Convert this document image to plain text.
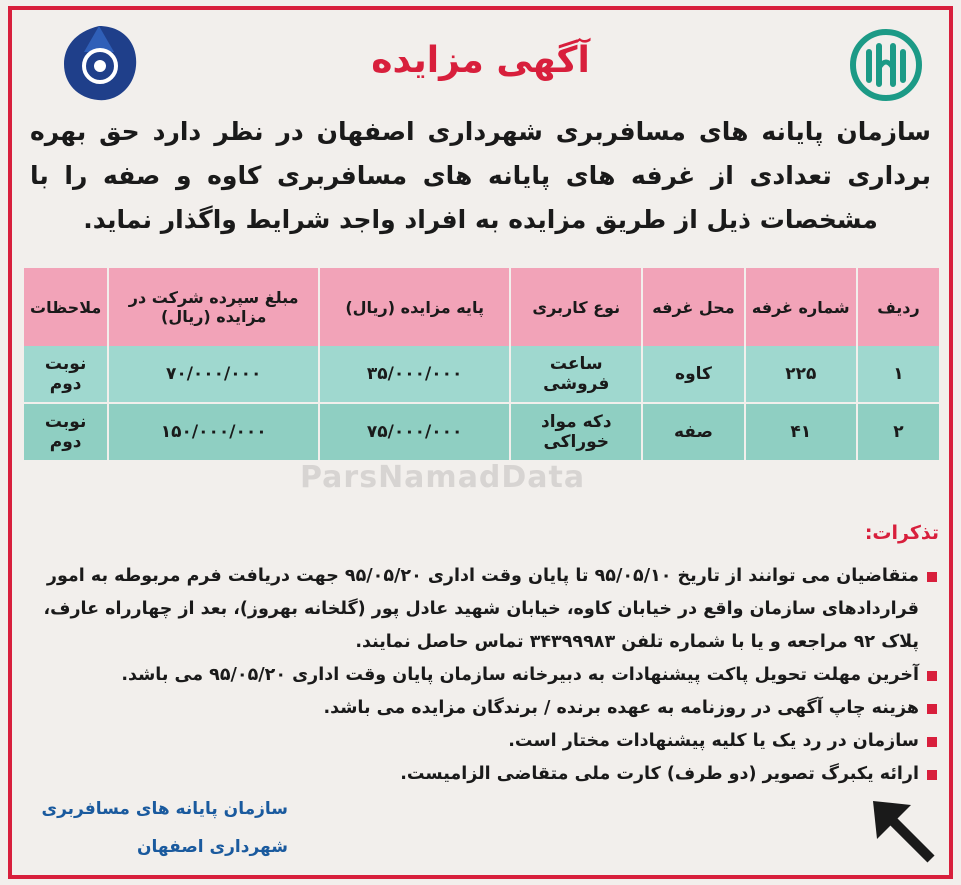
آگهی مزایده
سازمان پایانه های مسافربری شهرداری اصفهان در نظر دارد حق بهره برداری تعدادی از غرفه های پایانه های مسافربری کاوه و صفه را با مشخصات ذیل از طریق مزایده به افراد واجد شرایط واگذار نماید.
ردیف	شماره غرفه	محل غرفه	نوع کاربری	پایه مزایده (ریال)	مبلغ سپرده شرکت در مزایده (ریال)	ملاحظات
۱	۲۲۵	کاوه	ساعت فروشی	۳۵/۰۰۰/۰۰۰	۷۰/۰۰۰/۰۰۰	نوبت دوم
۲	۴۱	صفه	دکه مواد خوراکی	۷۵/۰۰۰/۰۰۰	۱۵۰/۰۰۰/۰۰۰	نوبت دوم
ParsNamadData
تذکرات:
متقاضیان می توانند از تاریخ ۹۵/۰۵/۱۰ تا پایان وقت اداری ۹۵/۰۵/۲۰ جهت دریافت فرم مربوطه به امور قراردادهای سازمان واقع در خیابان کاوه، خیابان شهید عادل پور (گلخانه بهروز)، بعد از چهارراه عارف، پلاک ۹۲ مراجعه و یا با شماره تلفن ۳۴۳۹۹۹۸۳ تماس حاصل نمایند.
آخرین مهلت تحویل پاکت پیشنهادات به دبیرخانه سازمان پایان وقت اداری ۹۵/۰۵/۲۰ می باشد.
هزینه چاپ آگهی در روزنامه به عهده برنده / برندگان مزایده می باشد.
سازمان در رد یک یا کلیه پیشنهادات مختار است.
ارائه یکبرگ تصویر (دو طرف) کارت ملی متقاضی الزامیست.
سازمان پایانه های مسافربری
شهرداری اصفهان
